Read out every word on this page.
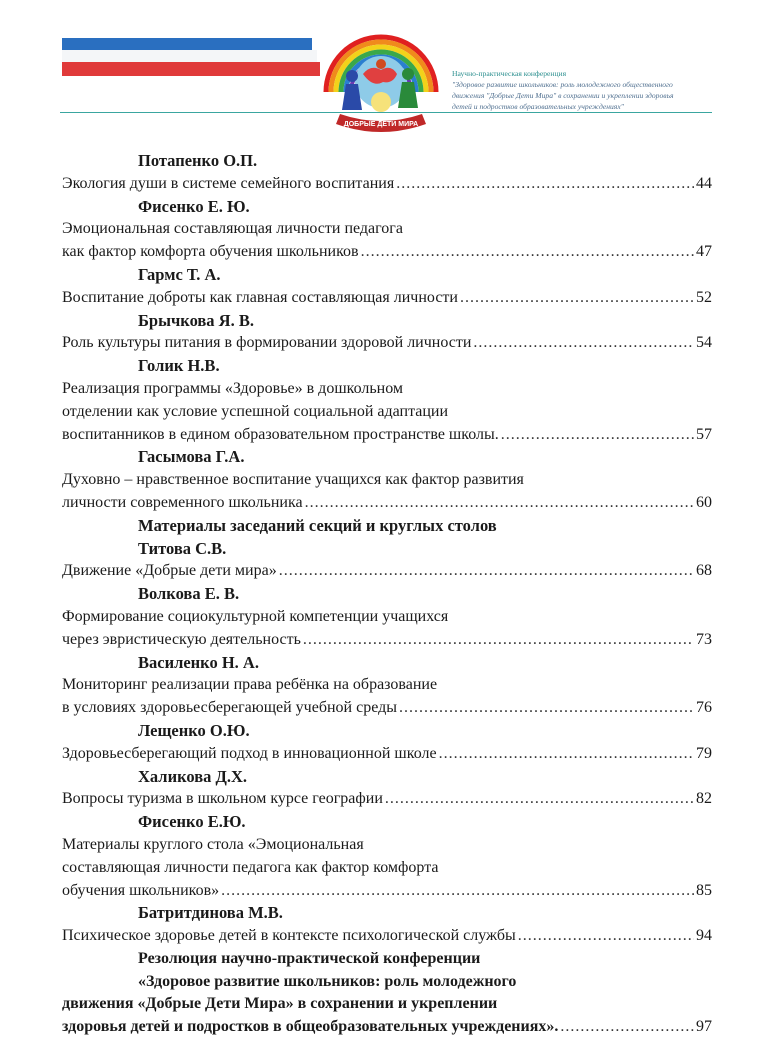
ДОБРЫЕ ДЕТИ МИРА
Научно-практическая конференция
"Здоровое развитие школьников: роль молодежного общественного
движения "Добрые Дети Мира" в сохранении и укреплении здоровья
детей и подростков образовательных учреждениях"
Потапенко О.П.
Экология души в системе семейного воспитания .....	44
Фисенко Е. Ю.
Эмоциональная составляющая личности педагога
как фактор комфорта обучения школьников .....	47
Гармс Т. А.
Воспитание доброты как главная составляющая личности .....	52
Брычкова Я. В.
Роль культуры питания в формировании здоровой личности .....	54
Голик Н.В.
Реализация программы «Здоровье» в дошкольном
отделении как условие успешной социальной адаптации
воспитанников в едином образовательном пространстве школы. .....	57
Гасымова Г.А.
Духовно – нравственное воспитание учащихся как фактор развития
личности современного школьника .....	60
Материалы заседаний секций и круглых столов
Титова С.В.
Движение «Добрые дети мира» .....	68
Волкова Е. В.
Формирование социокультурной компетенции учащихся
через эвристическую деятельность .....	73
Василенко Н. А.
Мониторинг реализации права ребёнка на образование
в условиях здоровьесберегающей учебной среды .....	76
Лещенко О.Ю.
Здоровьесберегающий подход в инновационной школе .....	79
Халикова Д.Х.
Вопросы туризма в школьном курсе географии .....	82
Фисенко Е.Ю.
Материалы круглого стола «Эмоциональная
составляющая личности педагога как фактор комфорта
обучения школьников» .....	85
Батритдинова М.В.
Психическое здоровье детей в контексте психологической службы .....	94
Резолюция научно-практической конференции
«Здоровое развитие школьников: роль молодежного
движения «Добрые Дети Мира» в сохранении и укреплении
здоровья детей и подростков в общеобразовательных учреждениях». .....	97
